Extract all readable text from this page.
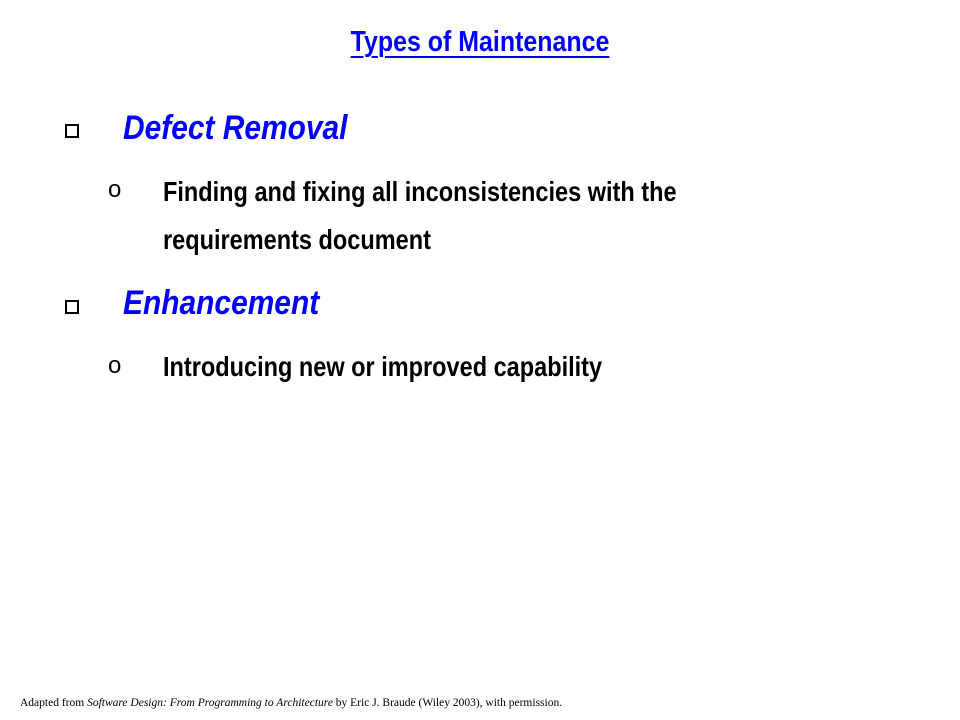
Types of Maintenance
Defect Removal
o Finding and fixing all inconsistencies with the
requirements document
Enhancement
o Introducing new or improved capability
Adapted from Software Design: From Programming to Architecture by Eric J. Braude (Wiley 2003), with permission.
